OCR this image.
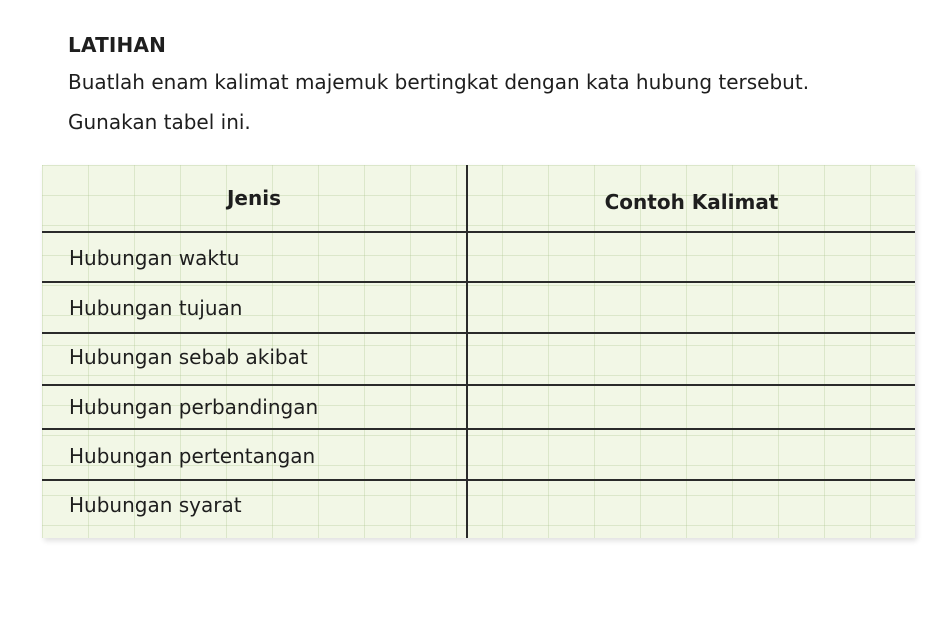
LATIHAN

Buatlah enam kalimat majemuk bertingkat dengan kata hubung tersebut.

Gunakan tabel ini.

Jenis	Contoh Kalimat
Hubungan waktu
Hubungan tujuan
Hubungan sebab akibat
Hubungan perbandingan
Hubungan pertentangan
Hubungan syarat
